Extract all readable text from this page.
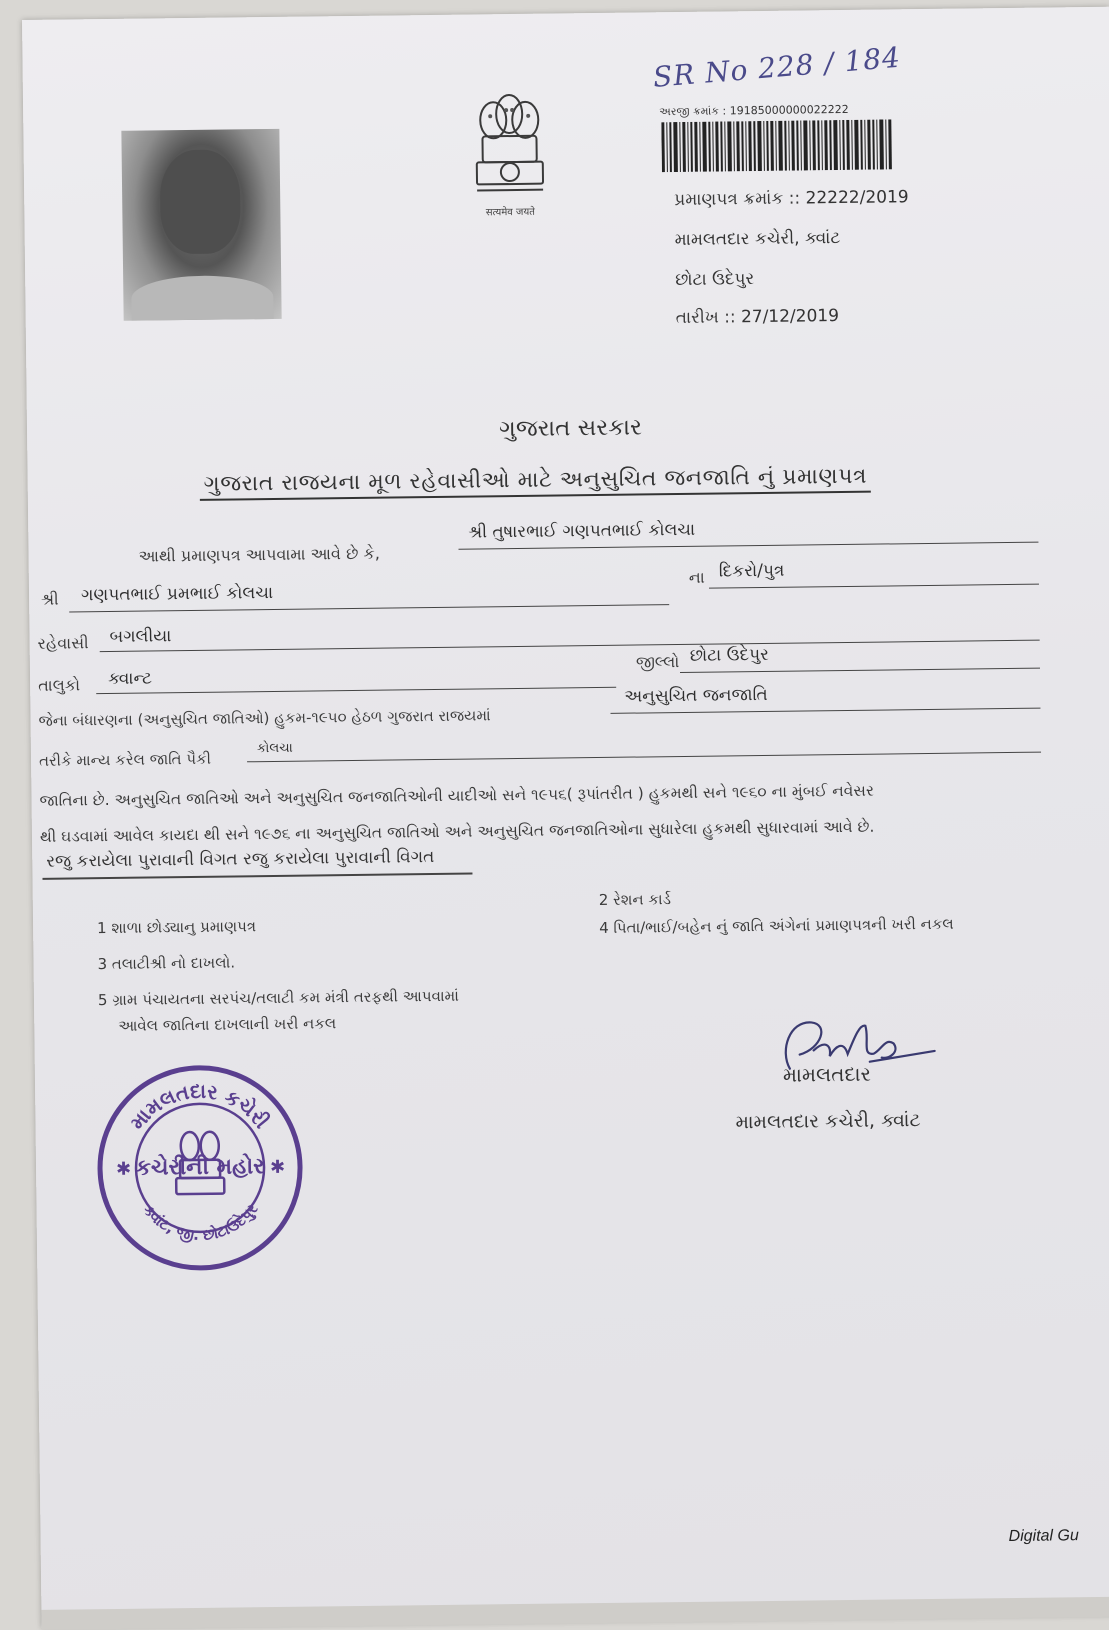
सत्यमेव जयते
SR No 228 / 184
અરજી ક્રમાંક : 19185000000022222
પ્રમાણપત્ર ક્રમાંક :: 22222/2019
મામલતદાર કચેરી, ક્વાંટ
છોટા ઉદેપુર
તારીખ :: 27/12/2019
ગુજરાત સરકાર
ગુજરાત રાજયના મૂળ રહેવાસીઓ માટે અનુસુચિત જનજાતિ નું પ્રમાણપત્ર
આથી પ્રમાણપત્ર આપવામા આવે છે કે,
શ્રી તુષારભાઈ ગણપતભાઈ કોલચા
શ્રી ગણપતભાઈ પ્રમભાઈ કોલચા
ના દિકરો/પુત્ર
રહેવાસી બગલીયા
તાલુકો ક્વાન્ટ
જીલ્લો છોટા ઉદેપુર
જેના બંધારણના (અનુસુચિત જાતિઓ) હુકમ-૧૯૫૦ હેઠળ ગુજરાત રાજયમાં
અનુસુચિત જનજાતિ
તરીકે માન્ય કરેલ જાતિ પૈકી
કોલચા
જાતિના છે. અનુસુચિત જાતિઓ અને અનુસુચિત જનજાતિઓની યાદીઓ સને ૧૯૫૬( રૂપાંતરીત ) હુકમથી સને ૧૯૬૦ ના મુંબઈ નવેસર
થી ઘડવામાં આવેલ કાયદા થી સને ૧૯૭૬ ના અનુસુચિત જાતિઓ અને અનુસુચિત જનજાતિઓના સુધારેલા હુકમથી સુધારવામાં આવે છે.
રજુ કરાયેલા પુરાવાની વિગત રજુ કરાયેલા પુરાવાની વિગત
1 શાળા છોડ્યાનુ પ્રમાણપત્ર
2 રેશન કાર્ડ
3 તલાટીશ્રી નો દાખલો.
4 પિતા/ભાઈ/બહેન નું જાતિ અંગેનાં પ્રમાણપત્રની ખરી નકલ
5 ગ્રામ પંચાયતના સરપંચ/તલાટી કમ મંત્રી તરફથી આપવામાં
આવેલ જાતિના દાખલાની ખરી નકલ
મામલતદાર
મામલતદાર કચેરી, ક્વાંટ
મામલતદાર કચેરી
કચેરીની મહોર
ક્વાંટ, જી. છોટાઉદેપુર
✱	✱
Digital Gu
